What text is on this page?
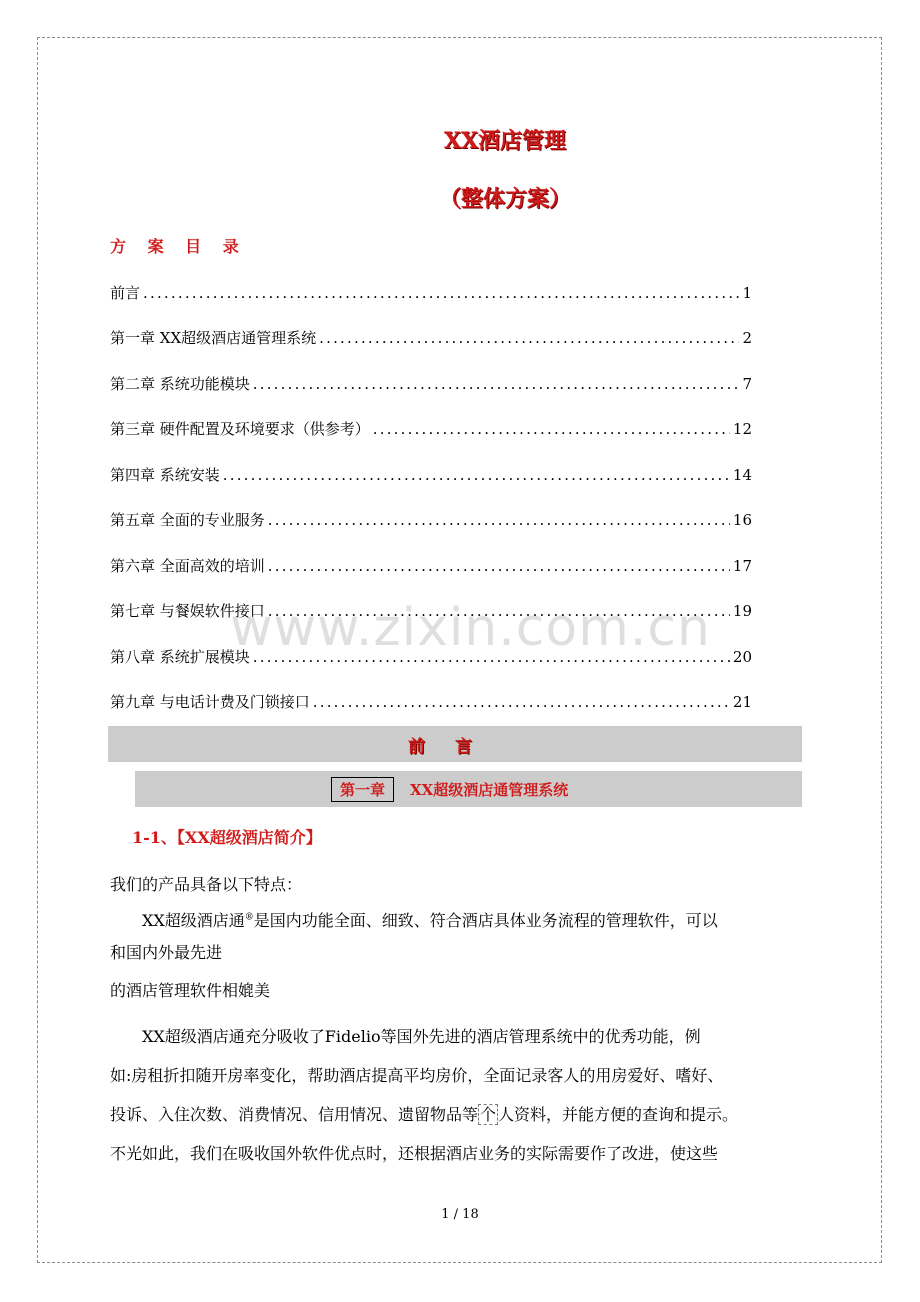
www.zixin.com.cn
XX酒店管理
（整体方案）
方 案 目 录
前言 .....	1
第一章 XX超级酒店通管理系统 .....	2
第二章 系统功能模块 .....	7
第三章 硬件配置及环境要求（供参考） .....	12
第四章 系统安装 .....	14
第五章 全面的专业服务 .....	16
第六章 全面高效的培训 .....	17
第七章 与餐娱软件接口 .....	19
第八章 系统扩展模块 .....	20
第九章 与电话计费及门锁接口 .....	21
前言
第一章	XX超级酒店通管理系统
1-1、【XX超级酒店简介】
我们的产品具备以下特点：
XX超级酒店通®是国内功能全面、细致、符合酒店具体业务流程的管理软件，可以
和国内外最先进
的酒店管理软件相媲美
XX超级酒店通充分吸收了Fidelio等国外先进的酒店管理系统中的优秀功能，例
如:房租折扣随开房率变化，帮助酒店提高平均房价，全面记录客人的用房爱好、嗜好、
投诉、入住次数、消费情况、信用情况、遗留物品等 个 人资料，并能方便的查询和提示。
不光如此，我们在吸收国外软件优点时，还根据酒店业务的实际需要作了改进，使这些
1 / 18
